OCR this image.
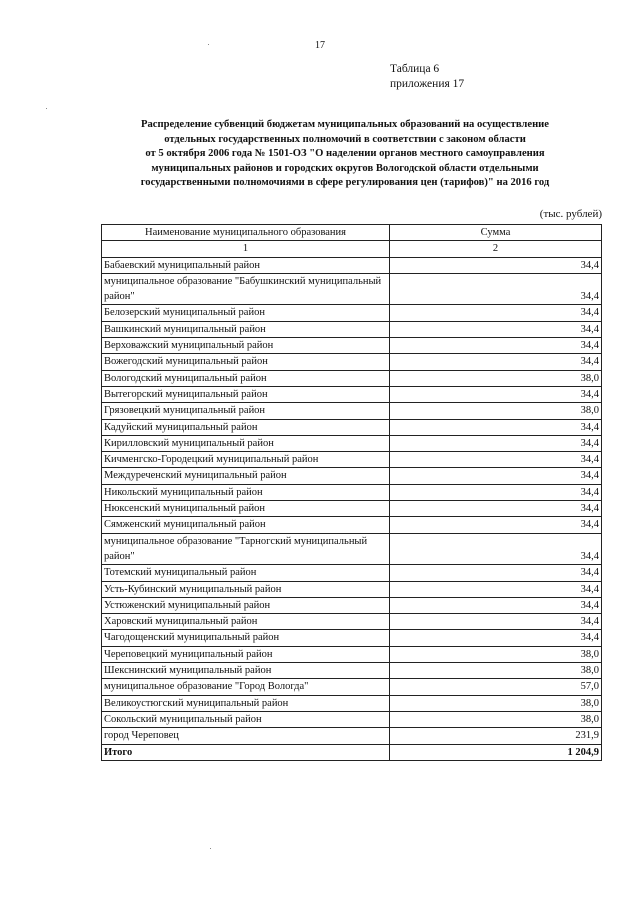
17
Таблица 6
приложения 17
Распределение субвенций бюджетам муниципальных образований на осуществление
отдельных государственных полномочий в соответствии с законом области
от 5 октября 2006 года № 1501-ОЗ "О наделении органов местного самоуправления
муниципальных районов и городских округов Вологодской области отдельными
государственными полномочиями в сфере регулирования цен (тарифов)" на 2016 год
(тыс. рублей)
Наименование муниципального образования	Сумма
1	2
Бабаевский муниципальный район	34,4
муниципальное образование "Бабушкинский муниципальный район"	34,4
Белозерский муниципальный район	34,4
Вашкинский муниципальный район	34,4
Верховажский муниципальный район	34,4
Вожегодский муниципальный район	34,4
Вологодский муниципальный район	38,0
Вытегорский муниципальный район	34,4
Грязовецкий муниципальный район	38,0
Кадуйский муниципальный район	34,4
Кирилловский муниципальный район	34,4
Кичменгско-Городецкий муниципальный район	34,4
Междуреченский муниципальный район	34,4
Никольский муниципальный район	34,4
Нюксенский муниципальный район	34,4
Сямженский муниципальный район	34,4
муниципальное образование "Тарногский муниципальный район"	34,4
Тотемский муниципальный район	34,4
Усть-Кубинский муниципальный район	34,4
Устюженский муниципальный район	34,4
Харовский муниципальный район	34,4
Чагодощенский муниципальный район	34,4
Череповецкий муниципальный район	38,0
Шекснинский муниципальный район	38,0
муниципальное образование "Город Вологда"	57,0
Великоустюгский муниципальный район	38,0
Сокольский муниципальный район	38,0
город Череповец	231,9
Итого	1 204,9
